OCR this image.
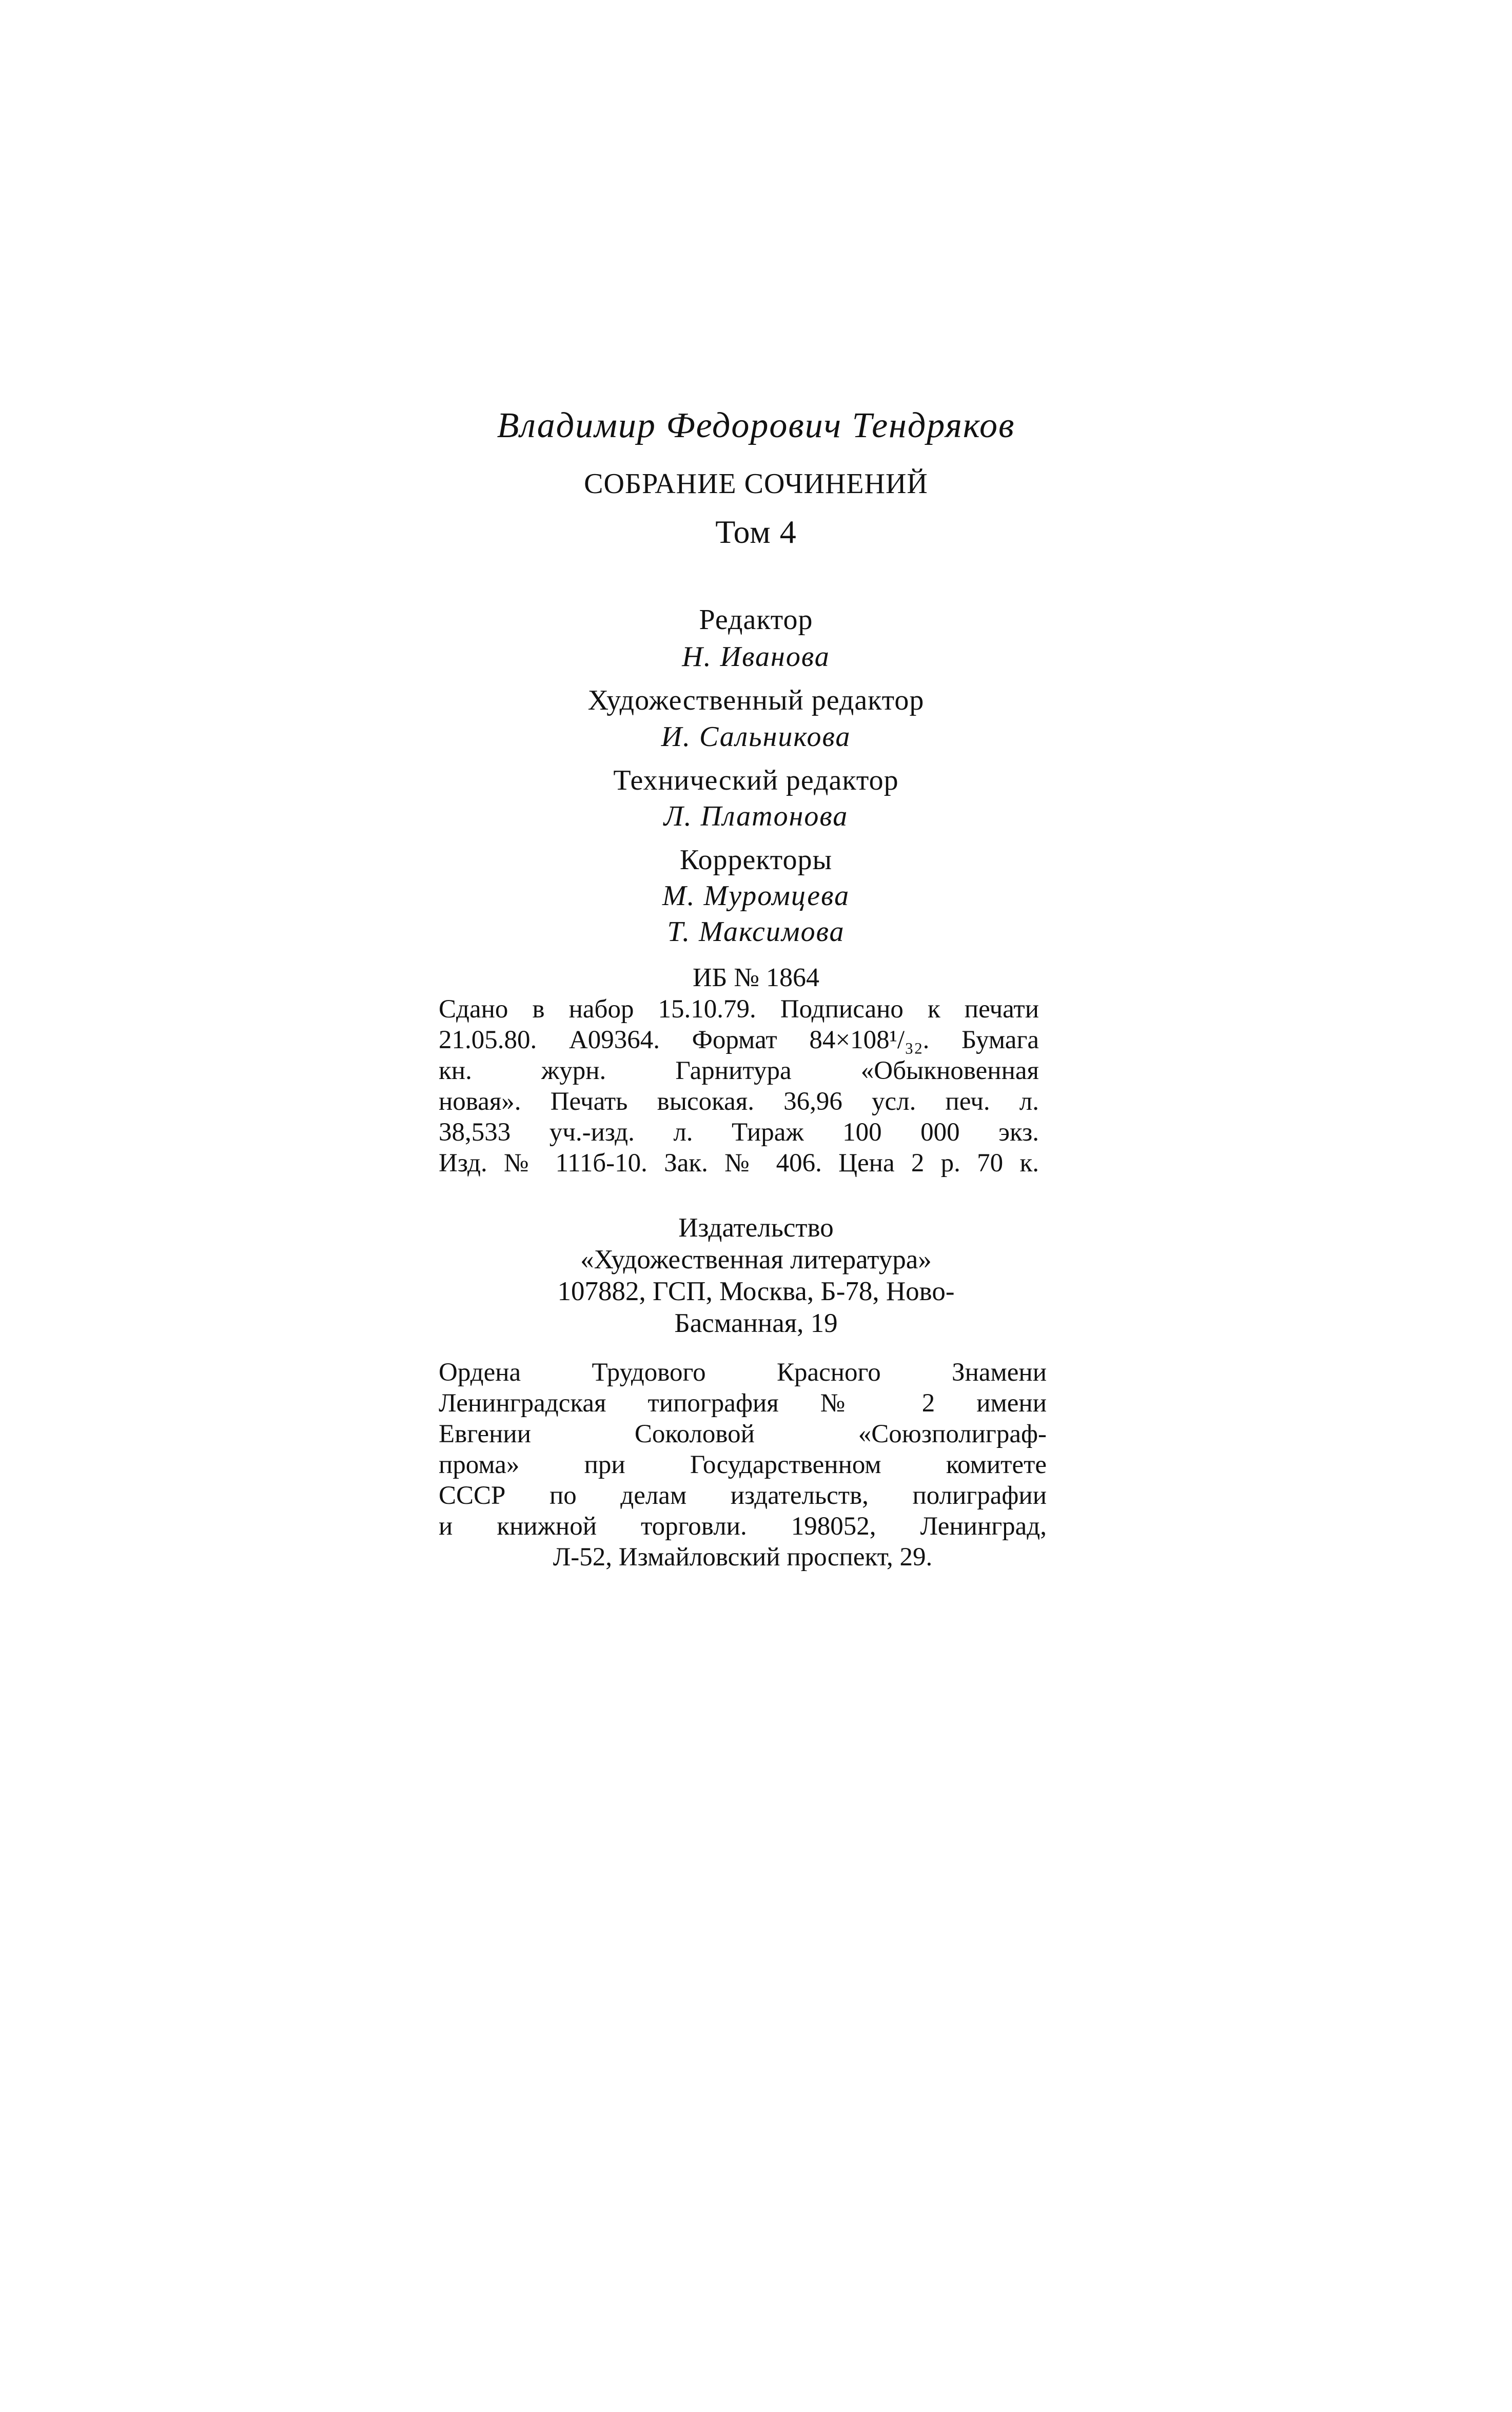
Владимир Федорович Тендряков
СОБРАНИЕ СОЧИНЕНИЙ
Том 4
Редактор
Н. Иванова
Художественный редактор
И. Сальникова
Технический редактор
Л. Платонова
Корректоры
М. Муромцева
Т. Максимова
ИБ № 1864
Сдано в набор 15.10.79. Подписано к печати
21.05.80. А09364. Формат 84×108¹/₃₂. Бумага
кн. журн. Гарнитура «Обыкновенная
новая». Печать высокая. 36,96 усл. печ. л.
38,533 уч.-изд. л. Тираж 100 000 экз.
Изд. № 111б-10. Зак. № 406. Цена 2 р. 70 к.
Издательство
«Художественная литература»
107882, ГСП, Москва, Б-78, Ново-
Басманная, 19
Ордена Трудового Красного Знамени
Ленинградская типография № 2 имени
Евгении Соколовой «Союзполиграф-
прома» при Государственном комитете
СССР по делам издательств, полиграфии
и книжной торговли. 198052, Ленинград,
Л-52, Измайловский проспект, 29.
